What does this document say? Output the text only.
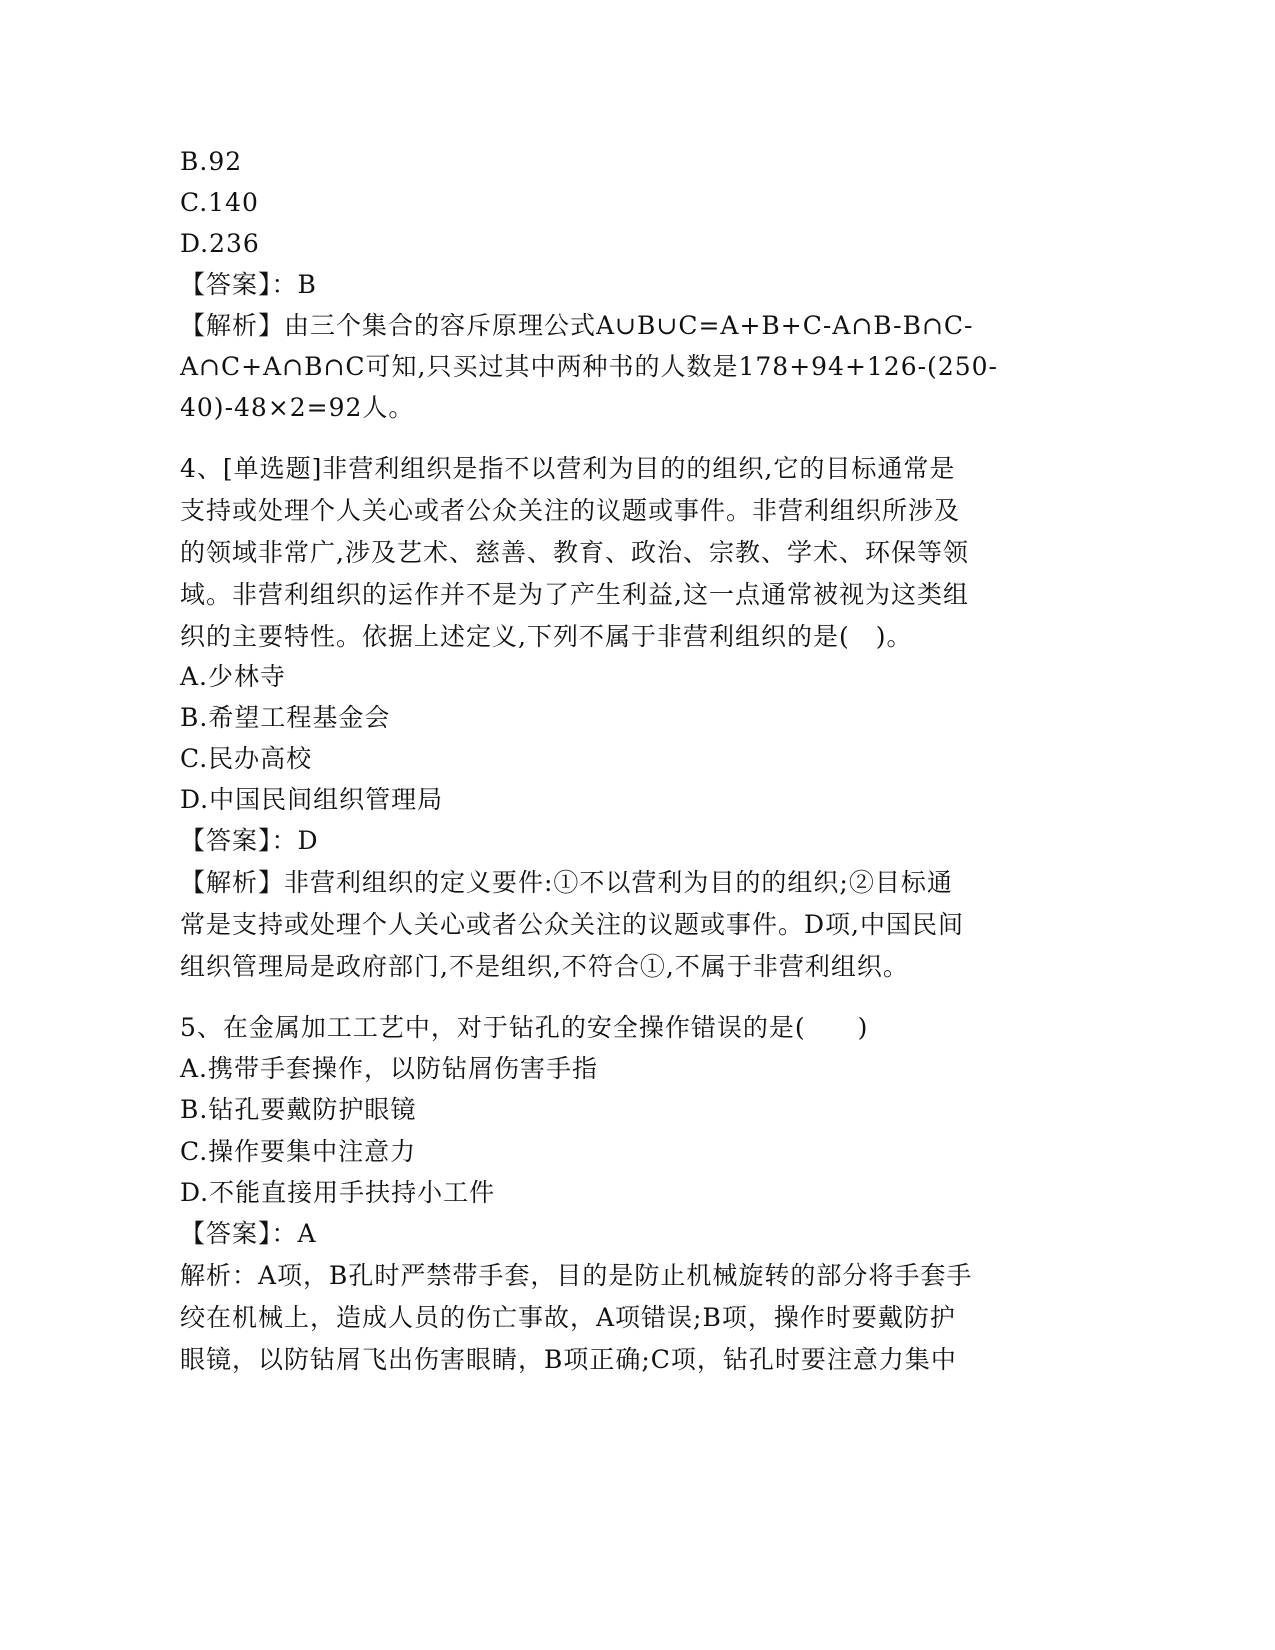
B.92
C.140
D.236
【答案】：B
【解析】由三个集合的容斥原理公式A∪B∪C=A+B+C-A∩B-B∩C-
A∩C+A∩B∩C可知,只买过其中两种书的人数是178+94+126-(250-
40)-48×2=92人。
4、[单选题]非营利组织是指不以营利为目的的组织,它的目标通常是
支持或处理个人关心或者公众关注的议题或事件。非营利组织所涉及
的领域非常广,涉及艺术、慈善、教育、政治、宗教、学术、环保等领
域。非营利组织的运作并不是为了产生利益,这一点通常被视为这类组
织的主要特性。依据上述定义,下列不属于非营利组织的是(　)。
A.少林寺
B.希望工程基金会
C.民办高校
D.中国民间组织管理局
【答案】：D
【解析】非营利组织的定义要件:①不以营利为目的的组织;②目标通
常是支持或处理个人关心或者公众关注的议题或事件。D项,中国民间
组织管理局是政府部门,不是组织,不符合①,不属于非营利组织。
5、在金属加工工艺中，对于钻孔的安全操作错误的是(　　)
A.携带手套操作，以防钻屑伤害手指
B.钻孔要戴防护眼镜
C.操作要集中注意力
D.不能直接用手扶持小工件
【答案】：A
解析：A项，B孔时严禁带手套，目的是防止机械旋转的部分将手套手
绞在机械上，造成人员的伤亡事故，A项错误;B项，操作时要戴防护
眼镜，以防钻屑飞出伤害眼睛，B项正确;C项，钻孔时要注意力集中
